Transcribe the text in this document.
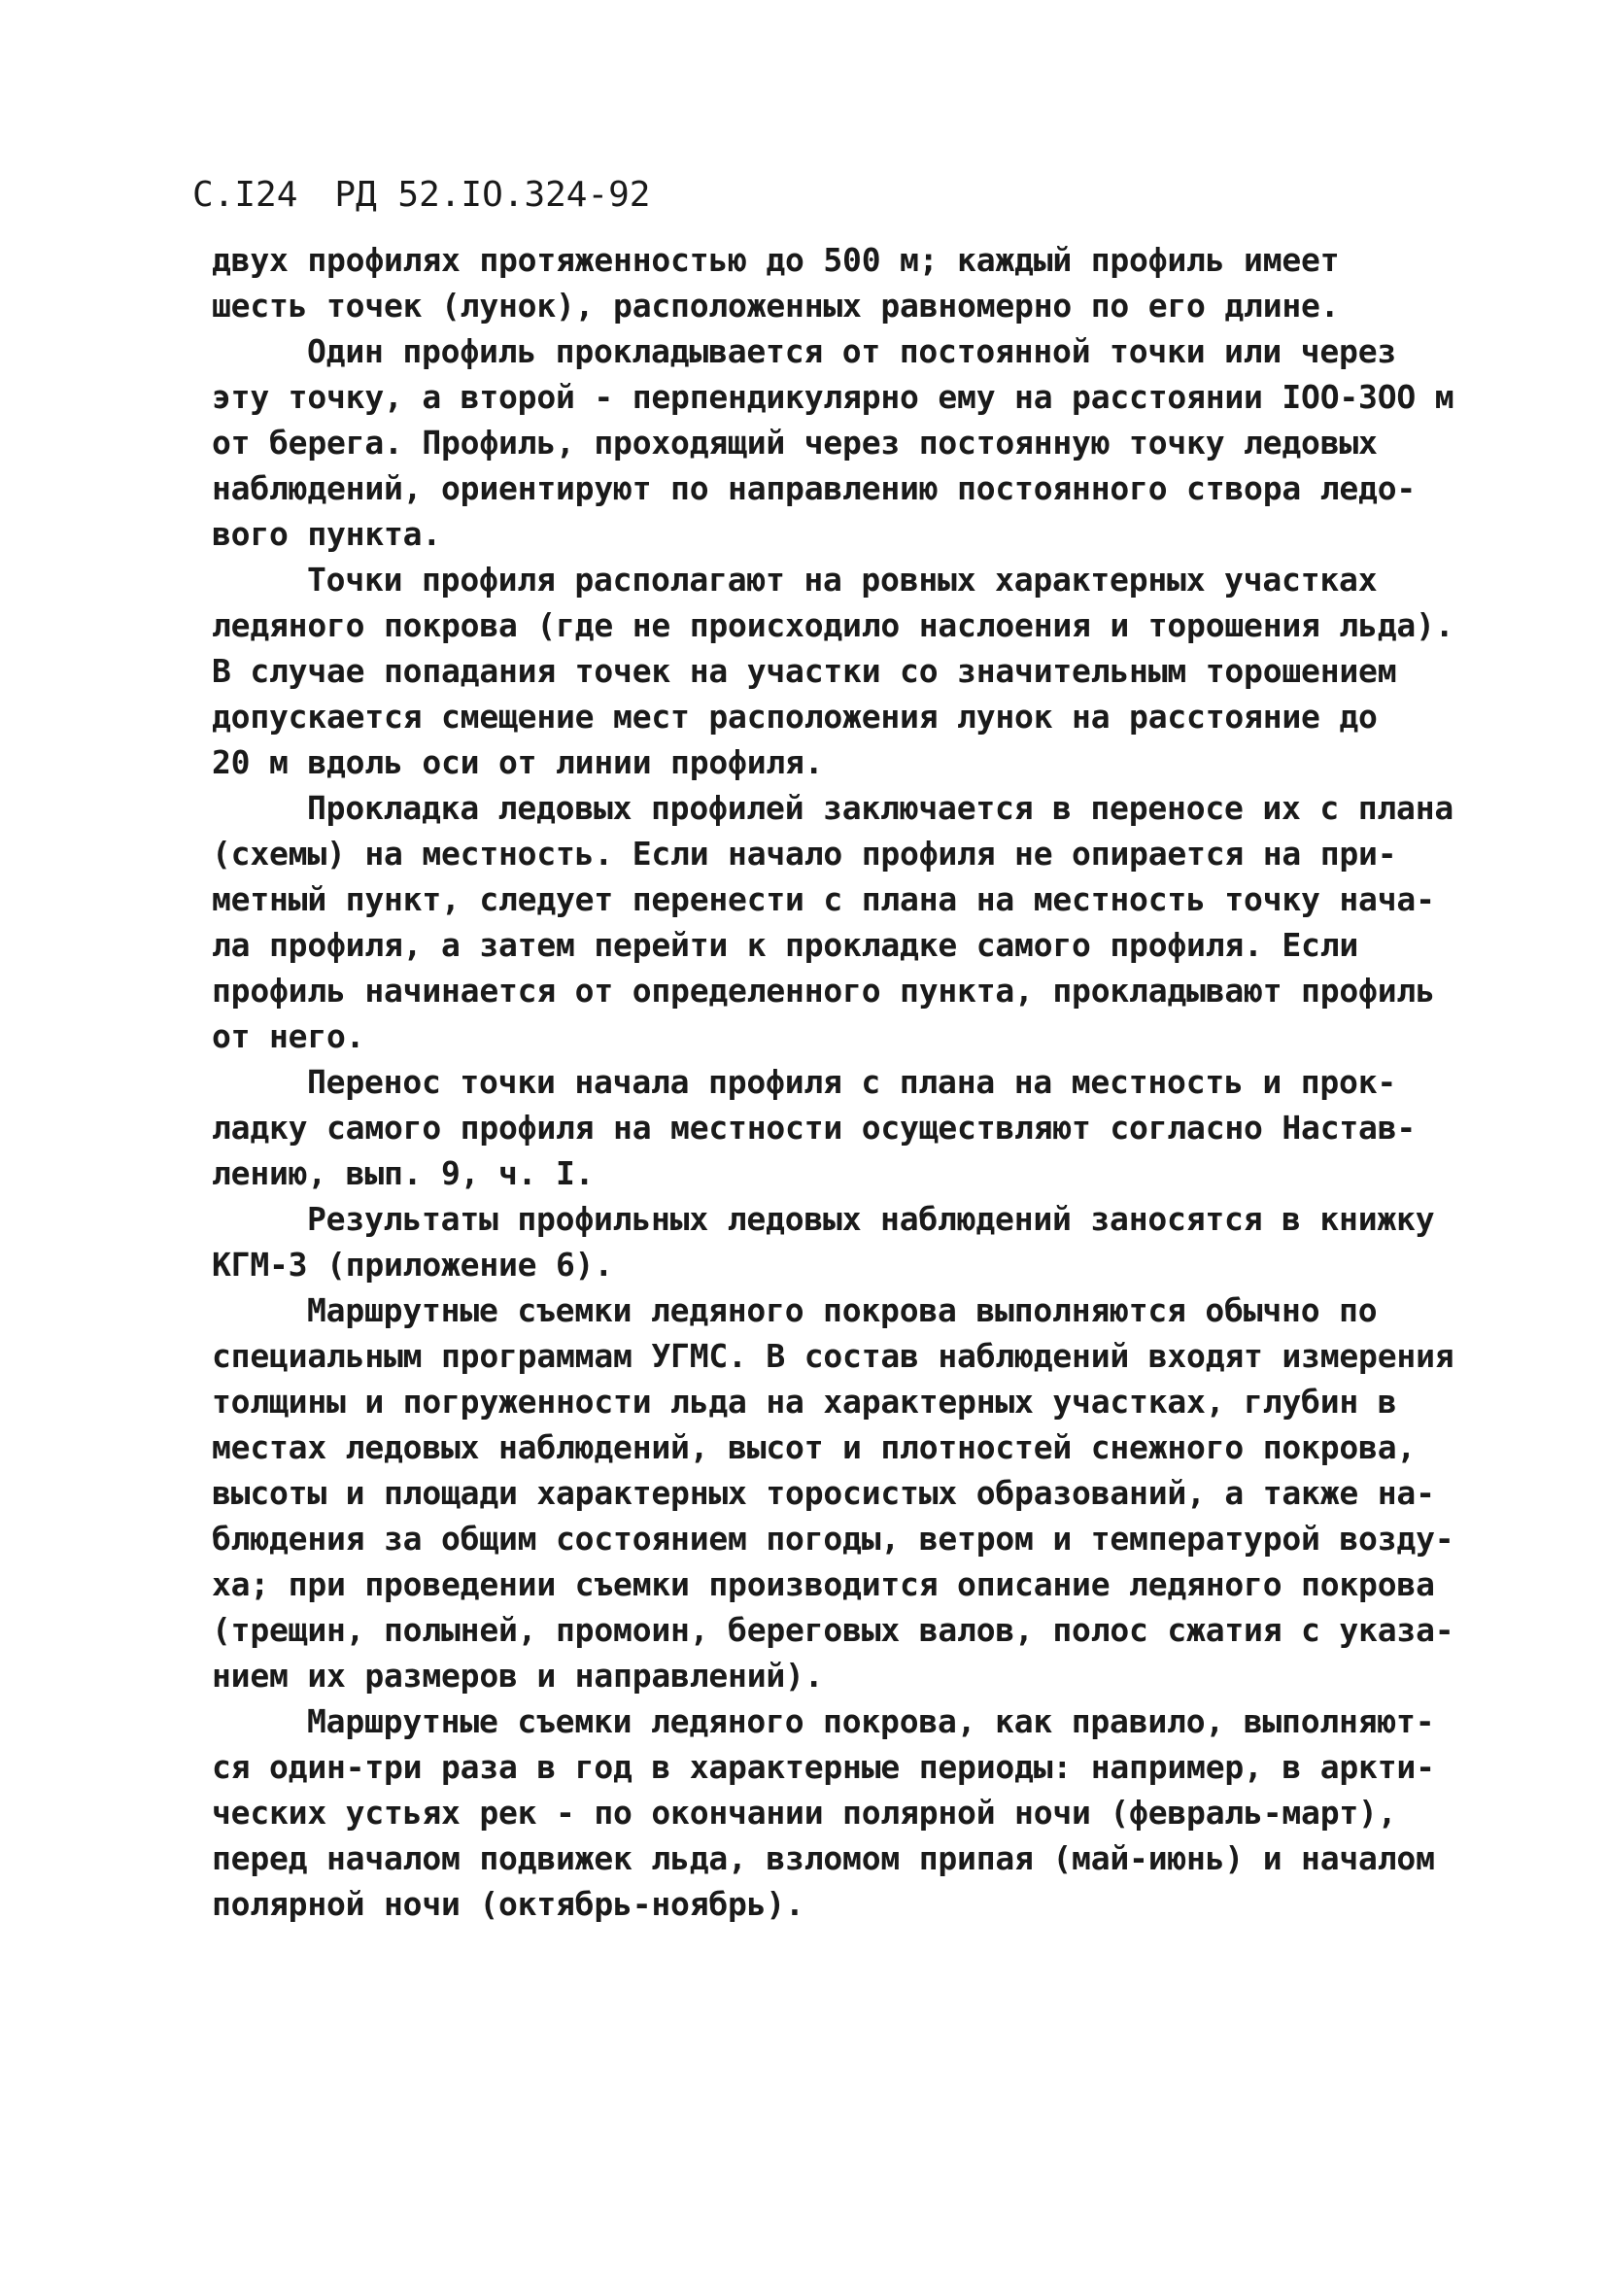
С.I24 РД 52.IO.324-92
двух профилях протяженностью до 500 м; каждый профиль имеет
шесть точек (лунок), расположенных равномерно по его длине.
Один профиль прокладывается от постоянной точки или через
эту точку, а второй - перпендикулярно ему на расстоянии IOO-3OO м
от берега. Профиль, проходящий через постоянную точку ледовых
наблюдений, ориентируют по направлению постоянного створа ледо-
вого пункта.
Точки профиля располагают на ровных характерных участках
ледяного покрова (где не происходило наслоения и торошения льда).
В случае попадания точек на участки со значительным торошением
допускается смещение мест расположения лунок на расстояние до
20 м вдоль оси от линии профиля.
Прокладка ледовых профилей заключается в переносе их с плана
(схемы) на местность. Если начало профиля не опирается на при-
метный пункт, следует перенести с плана на местность точку нача-
ла профиля, а затем перейти к прокладке самого профиля. Если
профиль начинается от определенного пункта, прокладывают профиль
от него.
Перенос точки начала профиля с плана на местность и прок-
ладку самого профиля на местности осуществляют согласно Настав-
лению, вып. 9, ч. I.
Результаты профильных ледовых наблюдений заносятся в книжку
КГМ-3 (приложение 6).
Маршрутные съемки ледяного покрова выполняются обычно по
специальным программам УГМС. В состав наблюдений входят измерения
толщины и погруженности льда на характерных участках, глубин в
местах ледовых наблюдений, высот и плотностей снежного покрова,
высоты и площади характерных торосистых образований, а также на-
блюдения за общим состоянием погоды, ветром и температурой возду-
ха; при проведении съемки производится описание ледяного покрова
(трещин, полыней, промоин, береговых валов, полос сжатия с указа-
нием их размеров и направлений).
Маршрутные съемки ледяного покрова, как правило, выполняют-
ся один-три раза в год в характерные периоды: например, в аркти-
ческих устьях рек - по окончании полярной ночи (февраль-март),
перед началом подвижек льда, взломом припая (май-июнь) и началом
полярной ночи (октябрь-ноябрь).
